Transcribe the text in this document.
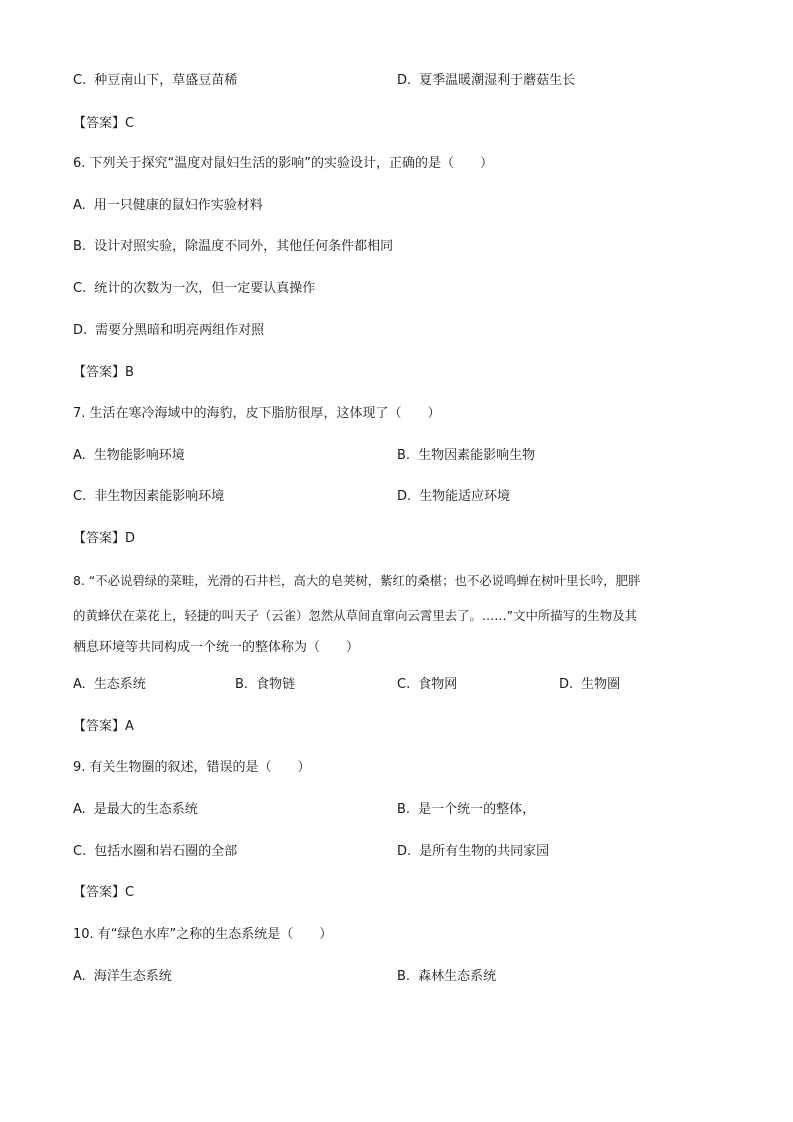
C. 种豆南山下，草盛豆苗稀	D. 夏季温暖潮湿利于蘑菇生长
【答案】C
6. 下列关于探究“温度对鼠妇生活的影响”的实验设计，正确的是（　　）
A. 用一只健康的鼠妇作实验材料
B. 设计对照实验，除温度不同外，其他任何条件都相同
C. 统计的次数为一次，但一定要认真操作
D. 需要分黑暗和明亮两组作对照
【答案】B
7. 生活在寒冷海域中的海豹，皮下脂肪很厚，这体现了（　　）
A. 生物能影响环境	B. 生物因素能影响生物
C. 非生物因素能影响环境	D. 生物能适应环境
【答案】D
8. “不必说碧绿的菜畦，光滑的石井栏，高大的皂荚树，紫红的桑椹；也不必说鸣蝉在树叶里长吟，肥胖
的黄蜂伏在菜花上，轻捷的叫天子（云雀）忽然从草间直窜向云霄里去了。……”文中所描写的生物及其
栖息环境等共同构成一个统一的整体称为（　　）
A. 生态系统	B. 食物链	C. 食物网	D. 生物圈
【答案】A
9. 有关生物圈的叙述，错误的是（　　）
A. 是最大的生态系统	B. 是一个统一的整体，
C. 包括水圈和岩石圈的全部	D. 是所有生物的共同家园
【答案】C
10. 有“绿色水库”之称的生态系统是（　　）
A. 海洋生态系统	B. 森林生态系统
